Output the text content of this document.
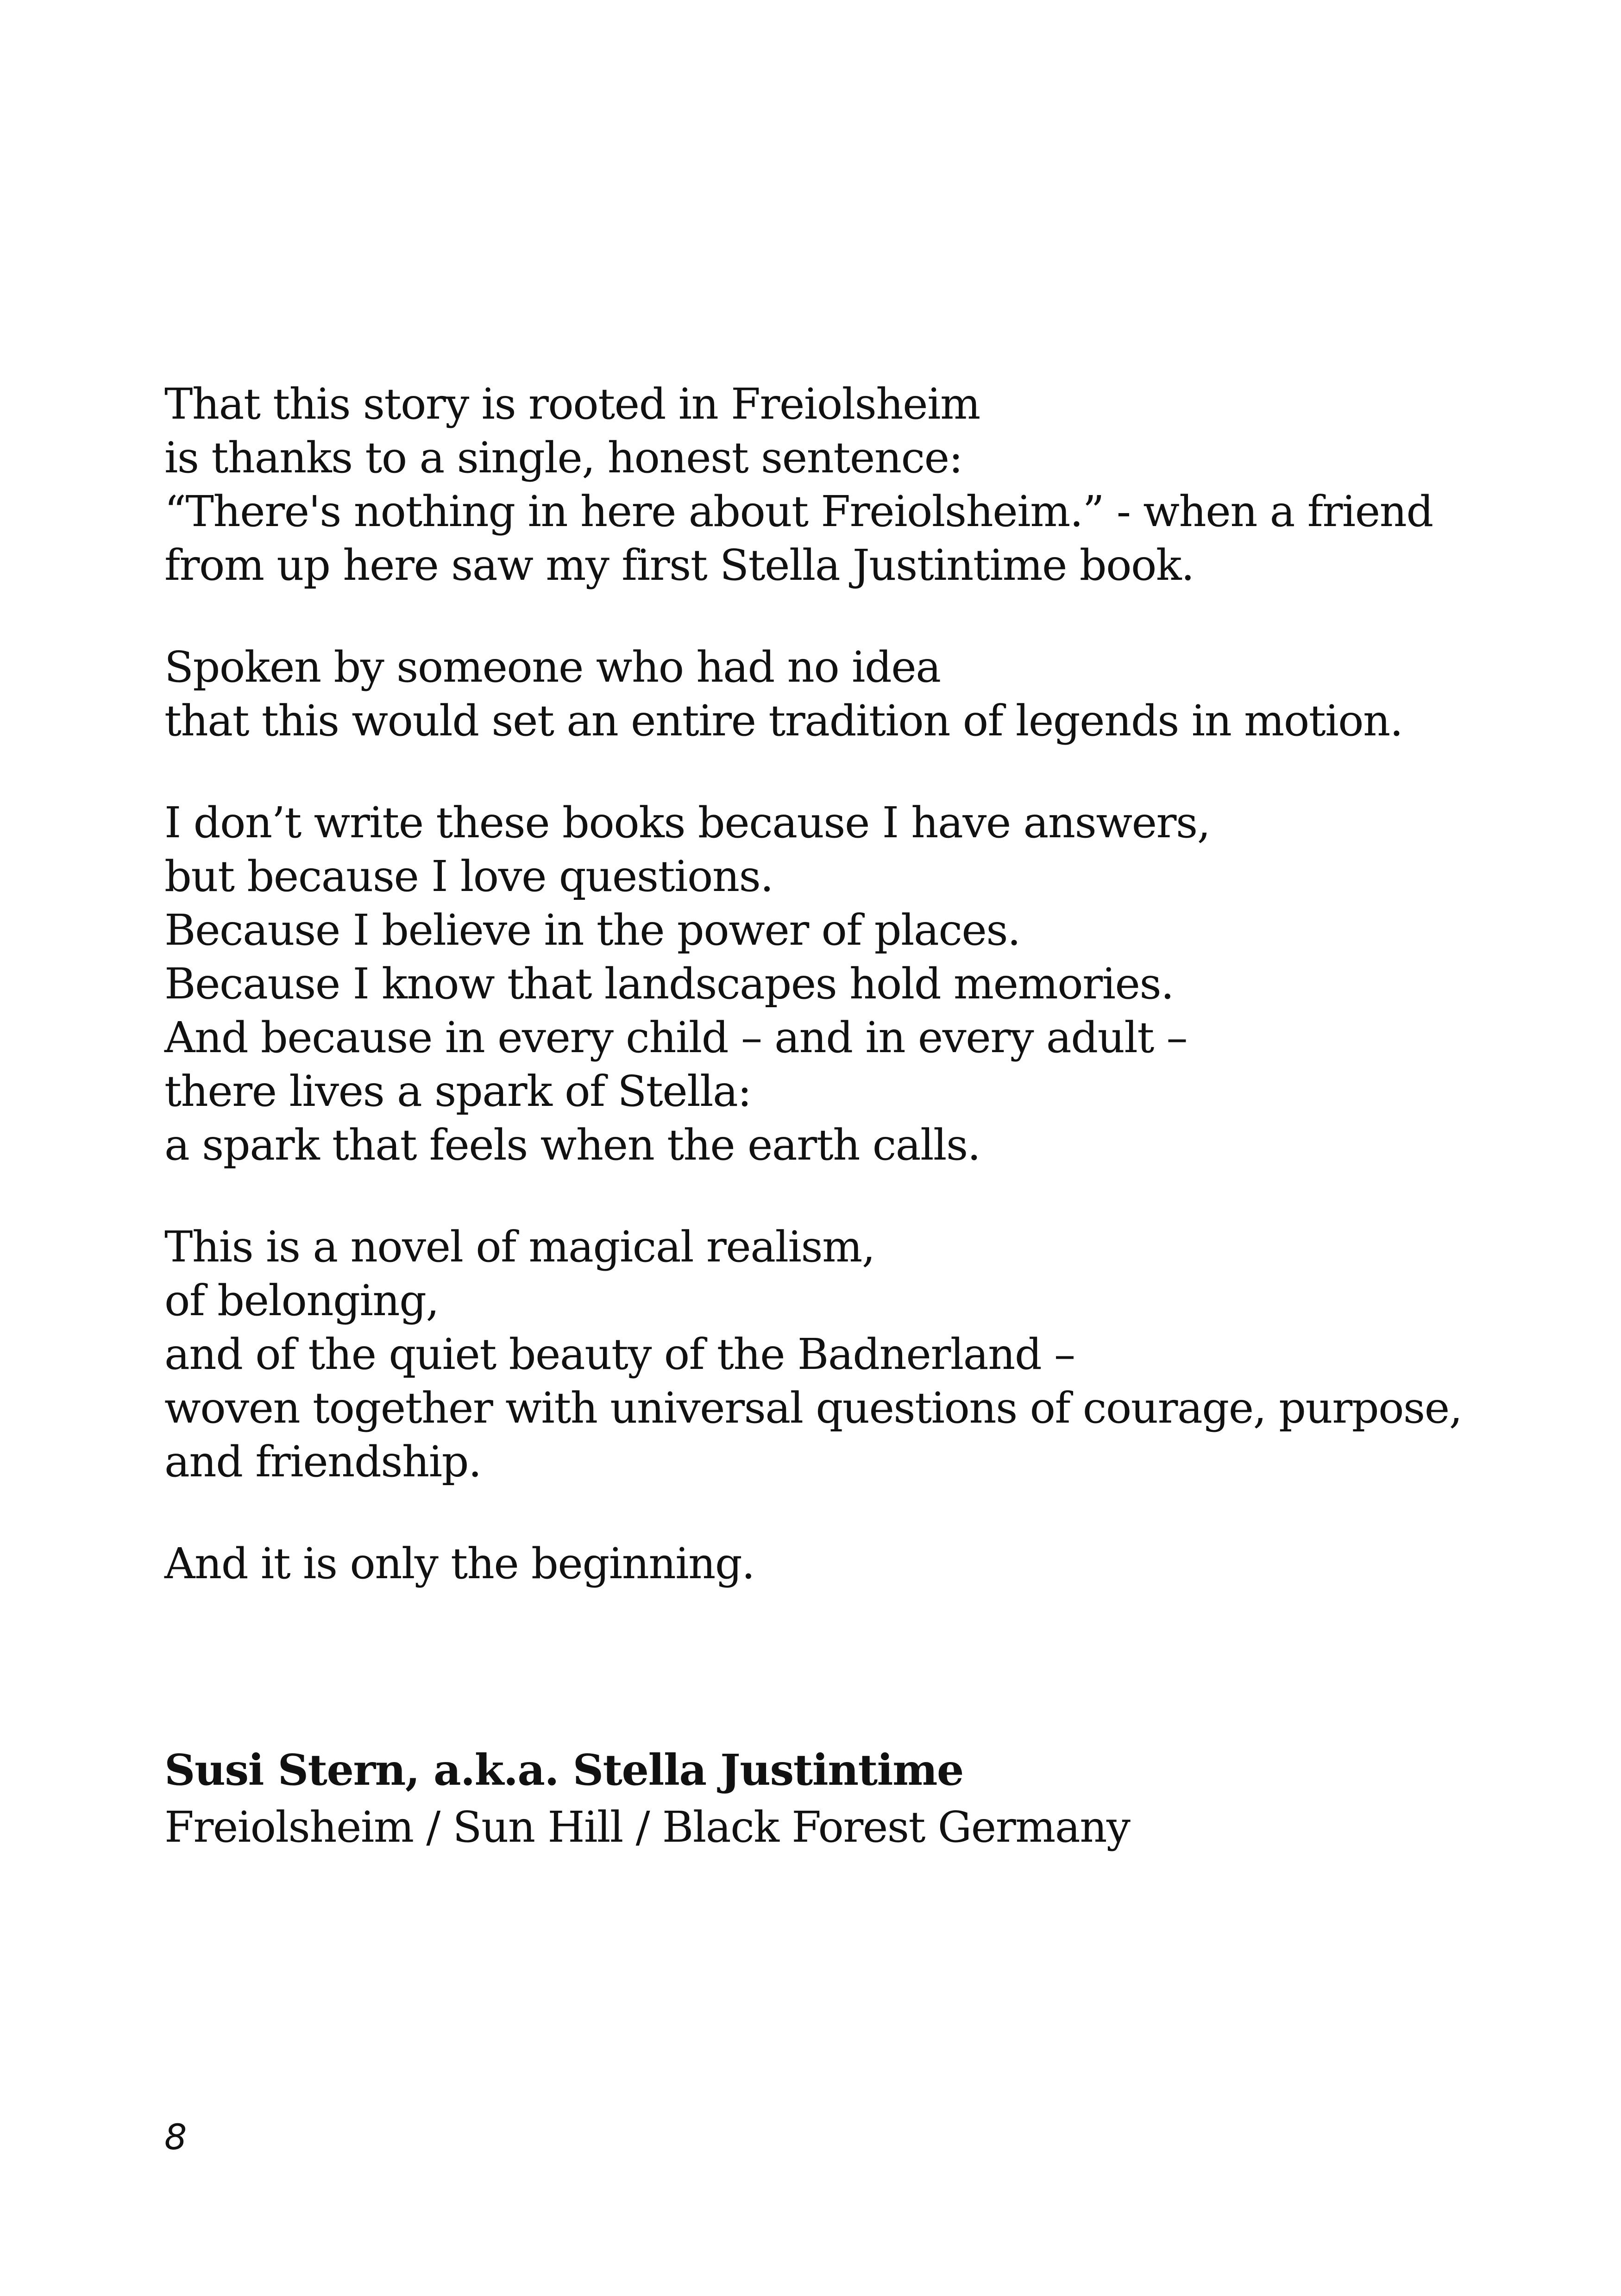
That this story is rooted in Freiolsheim
is thanks to a single, honest sentence:
“There's nothing in here about Freiolsheim.” - when a friend
from up here saw my first Stella Justintime book.

Spoken by someone who had no idea
that this would set an entire tradition of legends in motion.

I don’t write these books because I have answers,
but because I love questions.
Because I believe in the power of places.
Because I know that landscapes hold memories.
And because in every child – and in every adult –
there lives a spark of Stella:
a spark that feels when the earth calls.

This is a novel of magical realism,
of belonging,
and of the quiet beauty of the Badnerland –
woven together with universal questions of courage, purpose,
and friendship.

And it is only the beginning.

Susi Stern, a.k.a. Stella Justintime
Freiolsheim / Sun Hill / Black Forest Germany
8
